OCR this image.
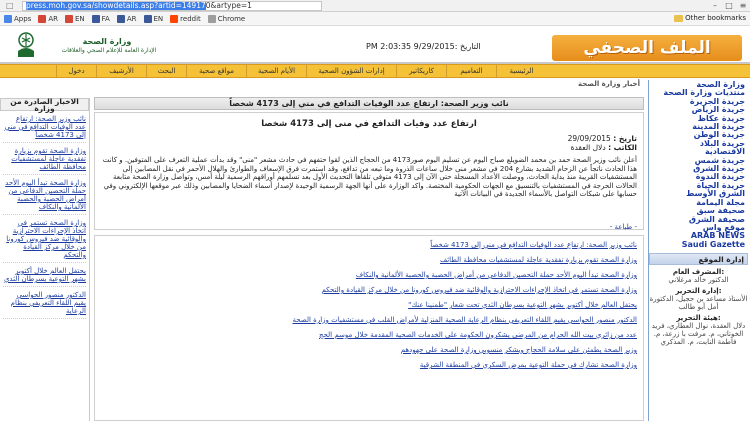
□	press.moh.gov.sa/showdetails.asp?artid=149170&artype=1	–	□ ≡
Apps AR EN FA AR EN reddit Chrome	Other bookmarks
وزارة الصحة
الإدارة العامة للإعلام الصحي والعلاقات	التاريخ :9/29/2015 2:03:35 PM	الملف الصحفي
الرئيسية
التعاميم
كاريكاتير
إدارات الشؤون الصحية
الأيام الصحية
مواقع صحية
البحث
الأرشيف
دخول
وزارة الصحة
منتديات وزارة الصحة
جريدة الجزيرة
جريدة الرياض
جريدة عكاظ
جريدة المدينة
جريدة الوطن
جريدة البلاد
الاقتصادية
جريدة شمس
جريدة الشرق
جريدة الندوة
جريدة الحياة
الشرق الأوسط
مجلة اليمامة
صحيفة سبق
صحيفة الشرق
موقع واس
ARAB NEWS
Saudi Gazette
إدارة الموقع
المشرف العام:
الدكتور خالد مرغلاني
إدارة التحرير:
الأستاذ مساعد بن حجيل، الدكتورة أمل أبو طالب
هيئة التحرير:
دلال العقدة، نوال العطاري، فريد الخوتاني، م. مرفت با زرعة، م. فاطمة النابت، م. المذكري
الاخبار الصادرة من وزارة
نائب وزير الصحة: ارتفاع عدد الوفيات التدافع في مني إلى 4173 شخصاً
وزارة الصحة تقوم بزيارة تفقدية عاجلة لمستشفيات محافظة الطائف
وزارة الصحة تبدأ اليوم الأحد حملة التحصين الدفاعي من أمراض الحصبة والحصبة الألمانية والنكاف
وزارة الصحة تستمر في اتخاذ الإجراءات الاحترازية والوقائية ضد فيروس كورونا من خلال مركز القيادة والتحكم
يحتفل العالم خلال أكتوبر بشهر التوعية بسرطان الثدي
الدكتور منصور الحواسي يقيم اللقاء التعريفي بنظام الرعاية
أخبار وزارة الصحة
نائب وزير الصحة: ارتفاع عدد الوفيات التدافع في مني إلى 4173 شخصاً
ارتفاع عدد وفيات التدافع في منى إلى 4173 شخصا
تاريخ : 29/09/2015
الكاتب : دلال العقدة
أعلن نائب وزير الصحة حمد بن محمد الضويلع صباح اليوم عن تسليم اليوم صور4173 من الحجاج الذين لقوا حتفهم في حادث مشعر "منى" وقد بدأت عملية التعرف على المتوفين. و كانت هذا الحادث ناتجاً عن الزحام الشديد بشارع 204 في مشعر منى خلال ساعات الذروة وما تبعه من تدافع، وقد استمرت فرق الإسعاف والطوارئ والهلال الأحمر في نقل المصابين إلى المستشفيات القريبة منذ بداية الحادث، ووصلت الأعداد المسجلة حتى الآن إلى 4173 متوفى تلقاها التحديث الأول بعد تسلمهم أوراقهم الرسمية ليلة أمس، وتواصل وزارة الصحة متابعة الحالات الحرجة في المستشفيات بالتنسيق مع الجهات الحكومية المختصة. واكد الوزارة على أنها الجهة الرسمية الوحيدة لإصدار أسماء الضحايا والمصابين وذلك عبر موقعها الإلكتروني وفي حسابها على شبكات التواصل بالأسماء الجديدة في البيانات الآتية
- طباعة -
نائب وزير الصحة: ارتفاع عدد الوفيات التدافع في مني إلى 4173 شخصاً
وزارة الصحة تقوم بزيارة تفقدية عاجلة لمستشفيات محافظة الطائف
وزارة الصحة تبدأ اليوم الأحد حملة التحصين الدفاعي من أمراض الحصبة والحصبة الألمانية والنكاف
وزارة الصحة تستمر في اتخاذ الإجراءات الاحترازية والوقائية ضد فيروس كورونا من خلال مركز القيادة والتحكم
يحتفل العالم خلال أكتوبر بشهر التوعية بسرطان الثدي تحت شعار "طمنينا عنك"
الدكتور منصور الحواسي يقيم اللقاء التعريفي بنظام الرعاية الصحية المنزلية لأمراض القلب في مستشفيات وزارة الصحة
عدد من زائري بيت الله الحرام من المرضى يشكرون الحكومة على الخدمات الصحية المقدمة خلال موسم الحج
وزير الصحة يطمئن على سلامة الحجاج ويشكر منسوبي وزارة الصحة على جهودهم
وزارة الصحة تشارك في حملة التوعية بمرض السكري في المنطقة الشرقية
